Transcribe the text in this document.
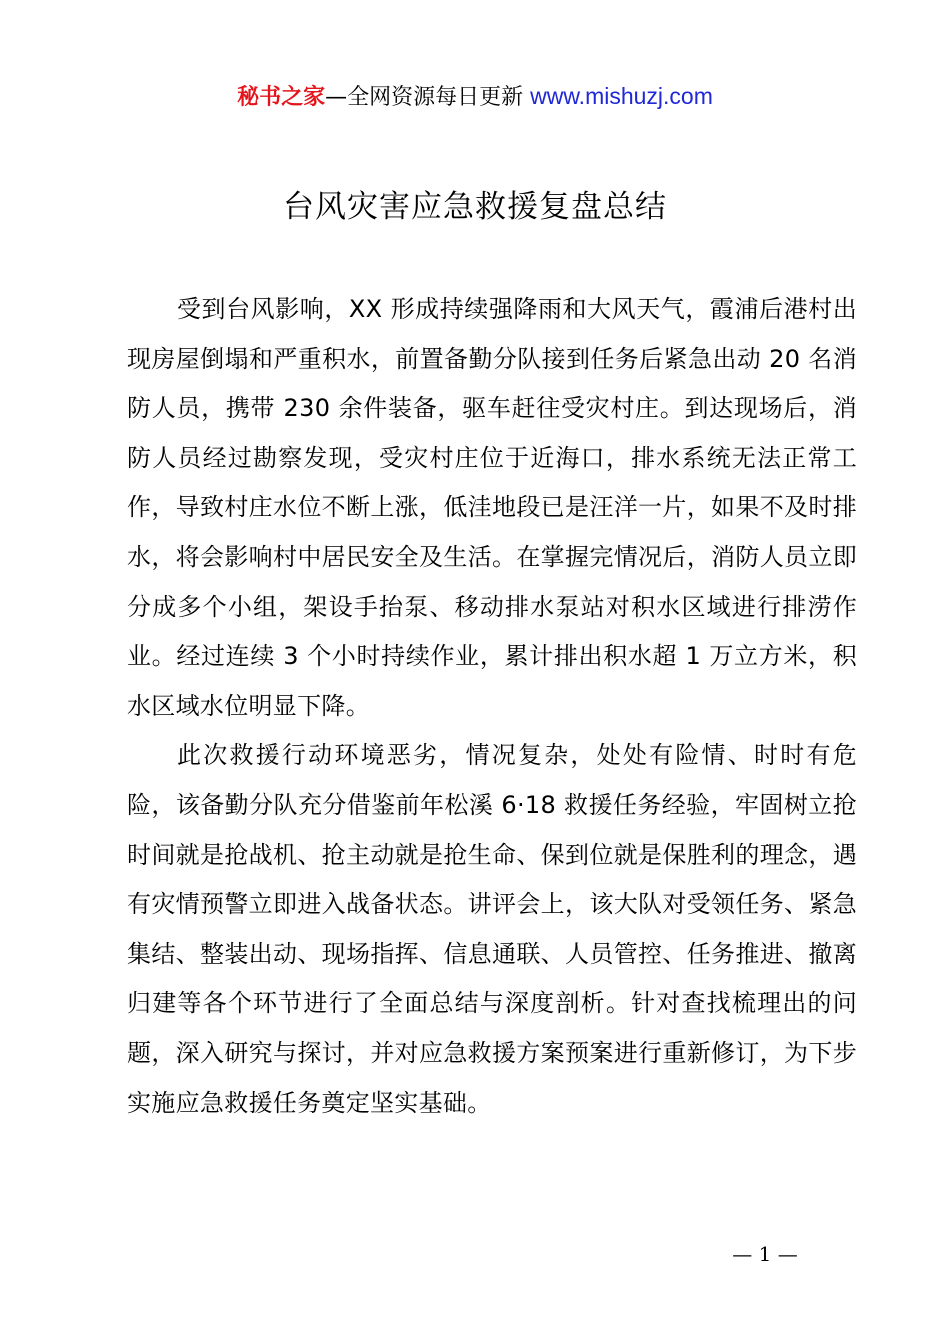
秘书之家—全网资源每日更新 www.mishuzj.com
台风灾害应急救援复盘总结

受到台风影响，XX 形成持续强降雨和大风天气，霞浦后港村出现房屋倒塌和严重积水，前置备勤分队接到任务后紧急出动 20 名消防人员，携带 230 余件装备，驱车赶往受灾村庄。到达现场后，消防人员经过勘察发现，受灾村庄位于近海口，排水系统无法正常工作，导致村庄水位不断上涨，低洼地段已是汪洋一片，如果不及时排水，将会影响村中居民安全及生活。在掌握完情况后，消防人员立即分成多个小组，架设手抬泵、移动排水泵站对积水区域进行排涝作业。经过连续 3 个小时持续作业，累计排出积水超 1 万立方米，积水区域水位明显下降。

此次救援行动环境恶劣，情况复杂，处处有险情、时时有危险，该备勤分队充分借鉴前年松溪 6·18 救援任务经验，牢固树立抢时间就是抢战机、抢主动就是抢生命、保到位就是保胜利的理念，遇有灾情预警立即进入战备状态。讲评会上，该大队对受领任务、紧急集结、整装出动、现场指挥、信息通联、人员管控、任务推进、撤离归建等各个环节进行了全面总结与深度剖析。针对查找梳理出的问题，深入研究与探讨，并对应急救援方案预案进行重新修订，为下步实施应急救援任务奠定坚实基础。

— 1 —
